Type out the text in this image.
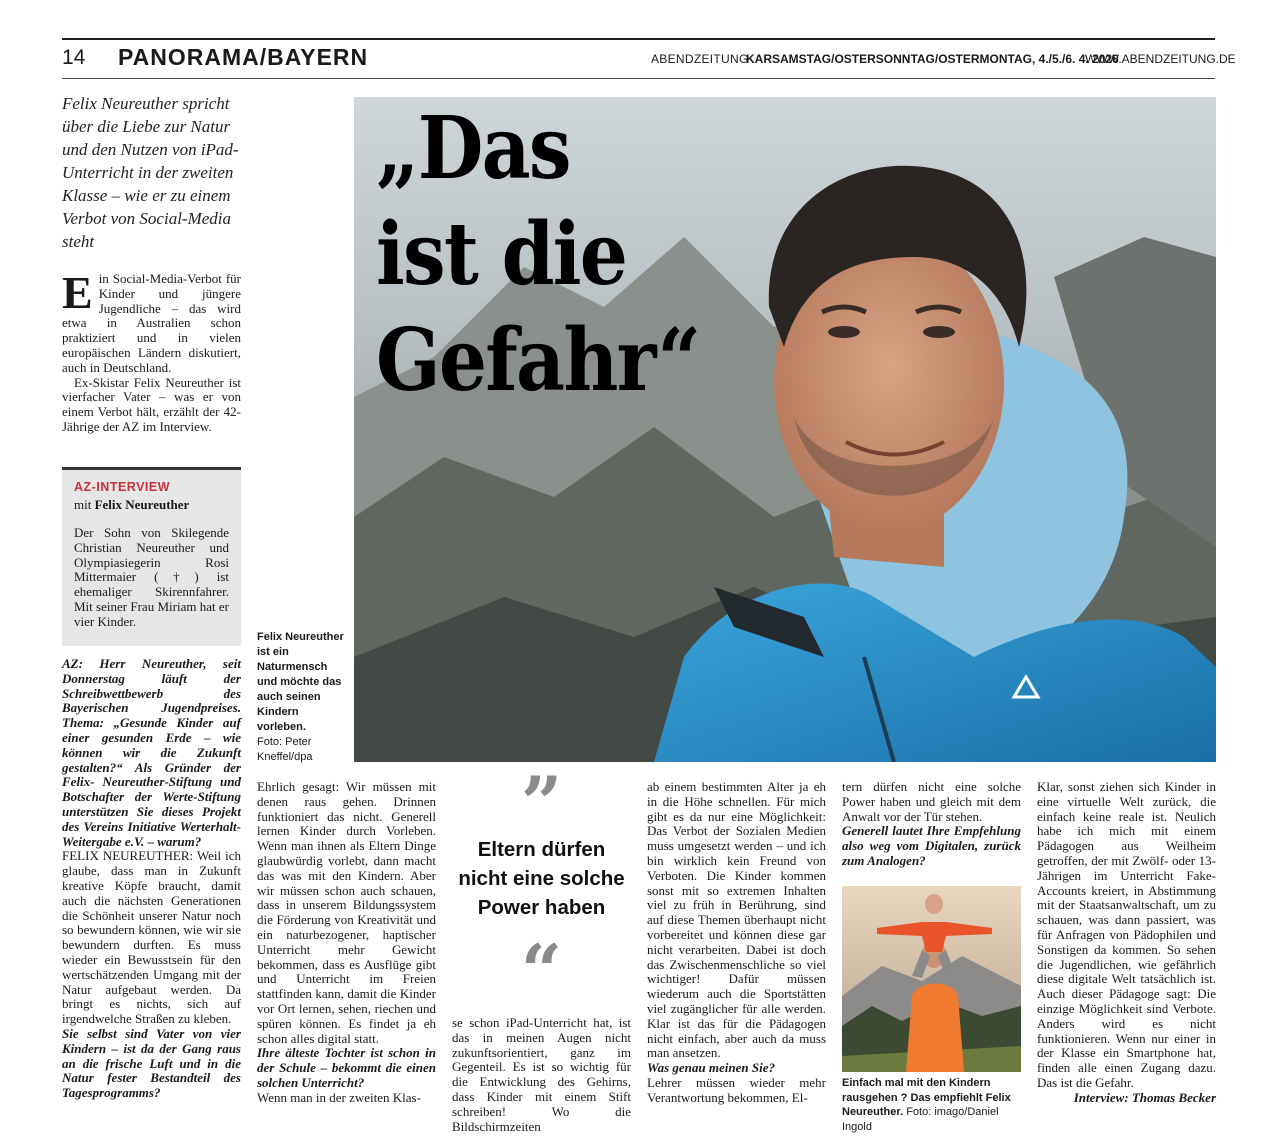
14 PANORAMA/BAYERN	ABENDZEITUNG
KARSAMSTAG/OSTERSONNTAG/OSTERMONTAG, 4./5./6. 4. 2026
WWW.ABENDZEITUNG.DE
Felix Neureuther spricht über die Liebe zur Natur und den Nutzen von iPad-Unterricht in der zweiten Klasse – wie er zu einem Verbot von Social-Media steht

Ein Social-Media-Verbot für Kinder und jüngere Jugendliche – das wird etwa in Australien schon praktiziert und in vielen europäischen Ländern diskutiert, auch in Deutschland.

Ex-Skistar Felix Neureuther ist vierfacher Vater – was er von einem Verbot hält, erzählt der 42-Jährige der AZ im Interview.

AZ-INTERVIEW
mit Felix Neureuther
Der Sohn von Skilegende Christian Neureuther und Olympiasiegerin Rosi Mittermaier (†) ist ehemaliger Skirennfahrer. Mit seiner Frau Miriam hat er vier Kinder.
„Das
ist die
Gefahr“
Felix Neureuther ist ein Naturmensch und möchte das auch seinen Kindern vorleben.
Foto: Peter Kneffel/dpa

AZ: Herr Neureuther, seit Donnerstag läuft der Schreibwettbewerb des Bayerischen Jugendpreises. Thema: „Gesunde Kinder auf einer gesunden Erde – wie können wir die Zukunft gestalten?“ Als Gründer der Felix- Neureuther-Stiftung und Botschafter der Werte-Stiftung unterstützen Sie dieses Projekt des Vereins Initiative Werterhalt-Weitergabe e.V. – warum?

FELIX NEUREUTHER: Weil ich glaube, dass man in Zukunft kreative Köpfe braucht, damit auch die nächsten Generationen die Schönheit unserer Natur noch so bewundern können, wie wir sie bewundern durften. Es muss wieder ein Bewusstsein für den wertschätzenden Umgang mit der Natur aufgebaut werden. Da bringt es nichts, sich auf irgendwelche Straßen zu kleben.

Sie selbst sind Vater von vier Kindern – ist da der Gang raus an die frische Luft und in die Natur fester Bestandteil des Tagesprogramms?

Ehrlich gesagt: Wir müssen mit denen raus gehen. Drinnen funktioniert das nicht. Generell lernen Kinder durch Vorleben. Wenn man ihnen als Eltern Dinge glaubwürdig vorlebt, dann macht das was mit den Kindern. Aber wir müssen schon auch schauen, dass in unserem Bildungssystem die Förderung von Kreativität und ein naturbezogener, haptischer Unterricht mehr Gewicht bekommen, dass es Ausflüge gibt und Unterricht im Freien stattfinden kann, damit die Kinder vor Ort lernen, sehen, riechen und spüren können. Es findet ja eh schon alles digital statt.

Ihre älteste Tochter ist schon in der Schule – bekommt die einen solchen Unterricht?

Wenn man in der zweiten Klas-

”
Eltern dürfen nicht eine solche Power haben
“

se schon iPad-Unterricht hat, ist das in meinen Augen nicht zukunftsorientiert, ganz im Gegenteil. Es ist so wichtig für die Entwicklung des Gehirns, dass Kinder mit einem Stift schreiben! Wo die Bildschirmzeiten

ab einem bestimmten Alter ja eh in die Höhe schnellen. Für mich gibt es da nur eine Möglichkeit: Das Verbot der Sozialen Medien muss umgesetzt werden – und ich bin wirklich kein Freund von Verboten. Die Kinder kommen sonst mit so extremen Inhalten viel zu früh in Berührung, sind auf diese Themen überhaupt nicht vorbereitet und können diese gar nicht verarbeiten. Dabei ist doch das Zwischenmenschliche so viel wichtiger! Dafür müssen wiederum auch die Sportstätten viel zugänglicher für alle werden. Klar ist das für die Pädagogen nicht einfach, aber auch da muss man ansetzen.

Was genau meinen Sie?

Lehrer müssen wieder mehr Verantwortung bekommen, El-

tern dürfen nicht eine solche Power haben und gleich mit dem Anwalt vor der Tür stehen.

Generell lautet Ihre Empfehlung also weg vom Digitalen, zurück zum Analogen?

Einfach mal mit den Kindern rausgehen ? Das empfiehlt Felix Neureuther. Foto: imago/Daniel Ingold

Klar, sonst ziehen sich Kinder in eine virtuelle Welt zurück, die einfach keine reale ist. Neulich habe ich mich mit einem Pädagogen aus Weilheim getroffen, der mit Zwölf- oder 13-Jährigen im Unterricht Fake-Accounts kreiert, in Abstimmung mit der Staatsanwaltschaft, um zu schauen, was dann passiert, was für Anfragen von Pädophilen und Sonstigen da kommen. So sehen die Jugendlichen, wie gefährlich diese digitale Welt tatsächlich ist. Auch dieser Pädagoge sagt: Die einzige Möglichkeit sind Verbote. Anders wird es nicht funktionieren. Wenn nur einer in der Klasse ein Smartphone hat, finden alle einen Zugang dazu. Das ist die Gefahr.

Interview: Thomas Becker
